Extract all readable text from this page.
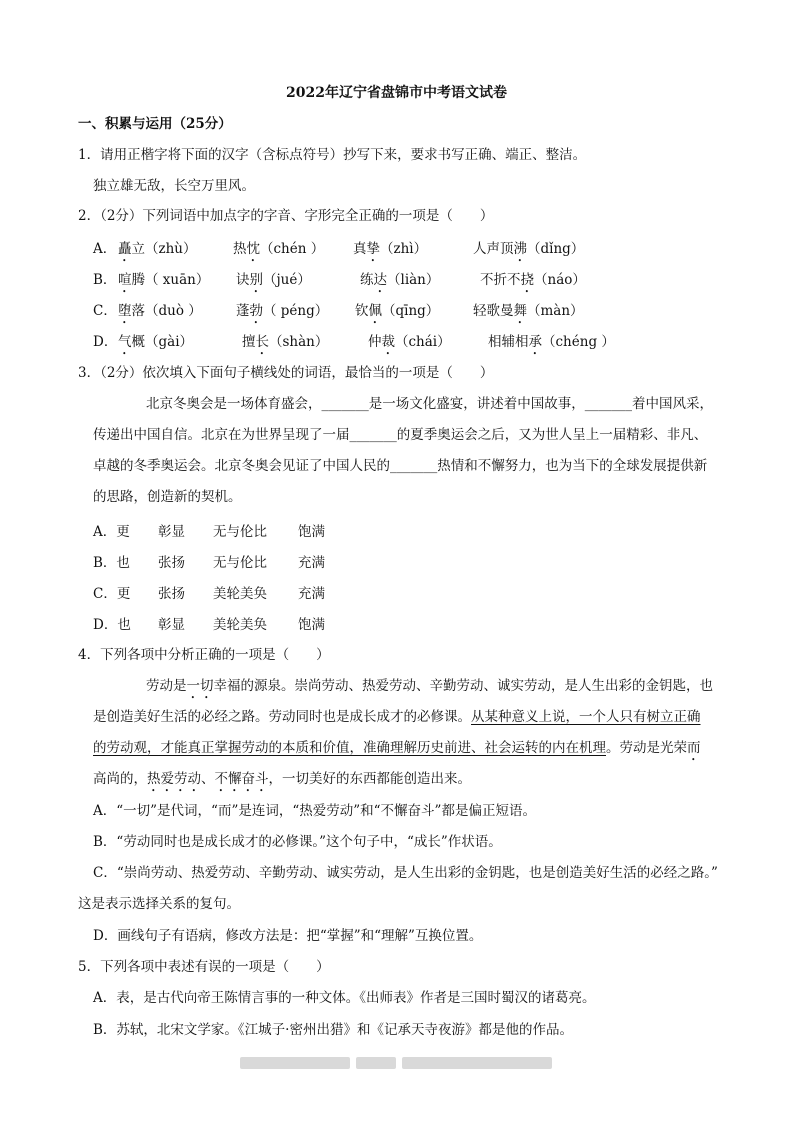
2022年辽宁省盘锦市中考语文试卷
一、积累与运用（25分）
1．请用正楷字将下面的汉字（含标点符号）抄写下来，要求书写正确、端正、整洁。
独立雄无敌，长空万里风。
2．（2分）下列词语中加点字的字音、字形完全正确的一项是（　　）
A． 矗立（zhù）	热忱（chén ） 真挚（zhì）	人声顶沸（dǐng）
B． 喧腾（ xuān） 诀别（jué）	练达（liàn）	不折不挠（náo）
C． 堕落（duò ）	蓬勃（ péng） 钦佩（qīng） 轻歌曼舞（màn）
D． 气概（gài）	擅长（shàn）	仲裁（chái）	相辅相承（chéng ）
3．（2分）依次填入下面句子横线处的词语，最恰当的一项是（　　）
北京冬奥会是一场体育盛会，_______是一场文化盛宴，讲述着中国故事，_______着中国风采，
传递出中国自信。北京在为世界呈现了一届_______的夏季奥运会之后，又为世人呈上一届精彩、非凡、
卓越的冬季奥运会。北京冬奥会见证了中国人民的_______热情和不懈努力，也为当下的全球发展提供新
的思路，创造新的契机。
A．更 彰显 无与伦比 饱满
B．也 张扬 无与伦比 充满
C．更 张扬 美轮美奂 充满
D．也 彰显 美轮美奂 饱满
4．下列各项中分析正确的一项是（　　）
劳动是一切幸福的源泉。崇尚劳动、热爱劳动、辛勤劳动、诚实劳动，是人生出彩的金钥匙，也
是创造美好生活的必经之路。劳动同时也是成长成才的必修课。从某种意义上说，一个人只有树立正确
的劳动观，才能真正掌握劳动的本质和价值，准确理解历史前进、社会运转的内在机理。劳动是光荣而
高尚的，热爱劳动、不懈奋斗，一切美好的东西都能创造出来。
A．“一切”是代词，“而”是连词，“热爱劳动”和“不懈奋斗”都是偏正短语。
B．“劳动同时也是成长成才的必修课。”这个句子中，“成长”作状语。
C．“崇尚劳动、热爱劳动、辛勤劳动、诚实劳动，是人生出彩的金钥匙，也是创造美好生活的必经之路。”
这是表示选择关系的复句。
D．画线句子有语病，修改方法是：把“掌握”和“理解”互换位置。
5．下列各项中表述有误的一项是（　　）
A．表，是古代向帝王陈情言事的一种文体。《出师表》作者是三国时蜀汉的诸葛亮。
B．苏轼，北宋文学家。《江城子·密州出猎》和《记承天寺夜游》都是他的作品。
